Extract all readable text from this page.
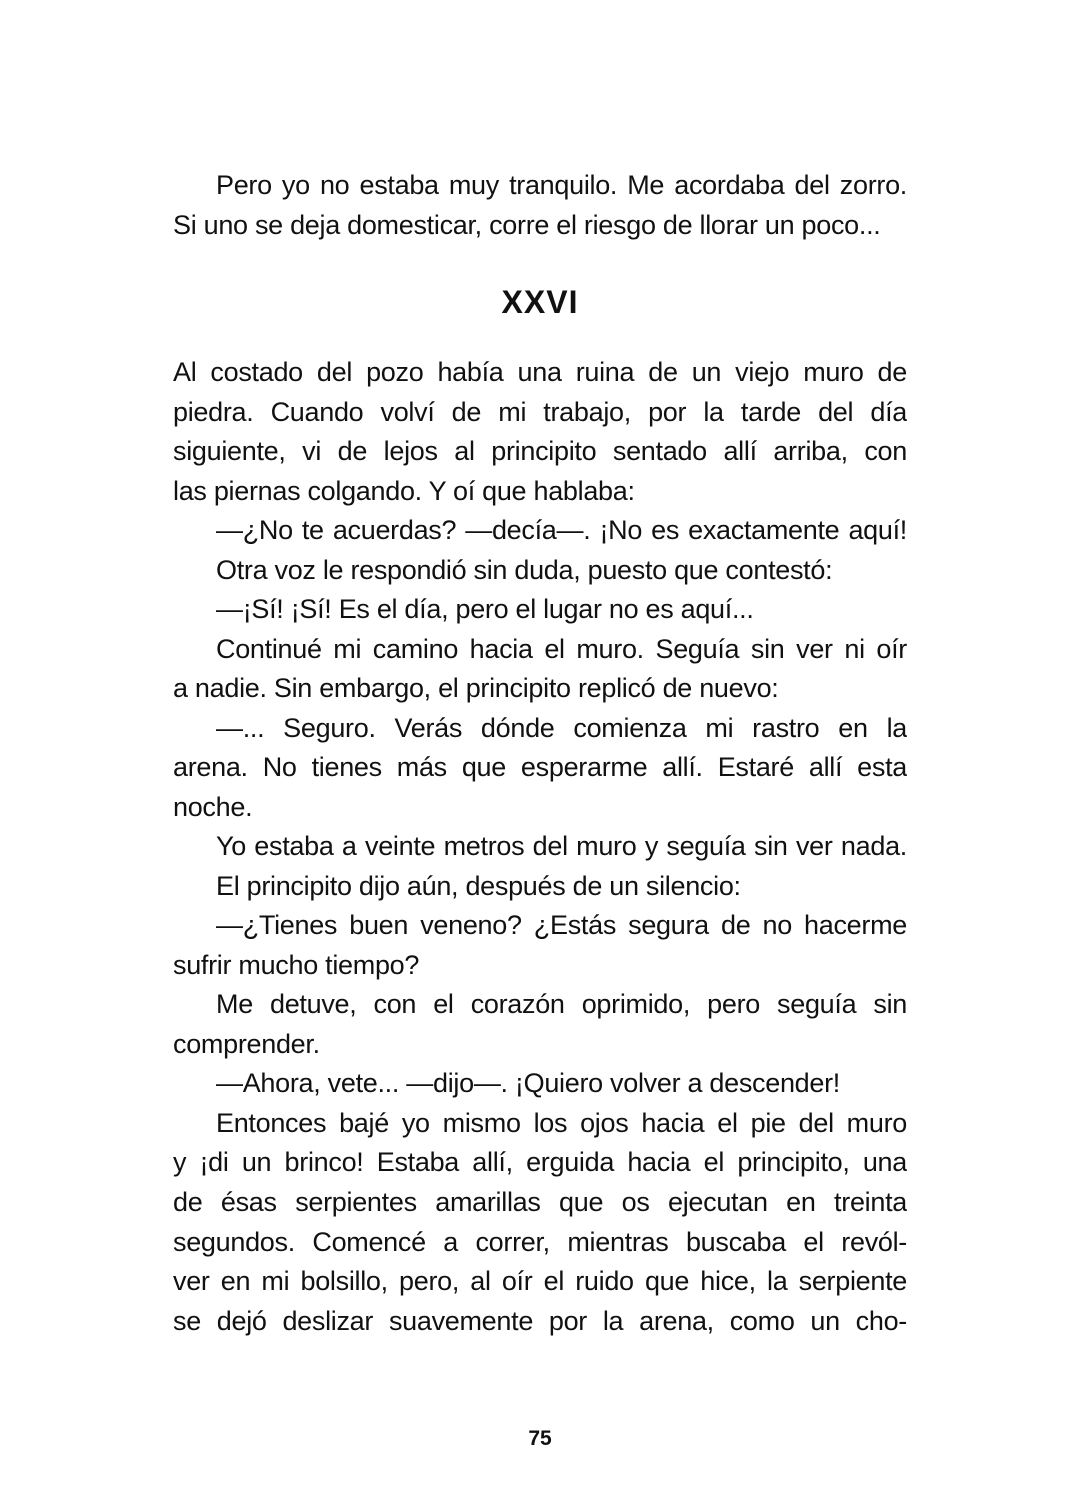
Pero yo no estaba muy tranquilo. Me acordaba del zorro.
Si uno se deja domesticar, corre el riesgo de llorar un poco...
XXVI
Al costado del pozo había una ruina de un viejo muro de
piedra. Cuando volví de mi trabajo, por la tarde del día
siguiente, vi de lejos al principito sentado allí arriba, con
las piernas colgando. Y oí que hablaba:
—¿No te acuerdas? —decía—. ¡No es exactamente aquí!
Otra voz le respondió sin duda, puesto que contestó:
—¡Sí! ¡Sí! Es el día, pero el lugar no es aquí...
Continué mi camino hacia el muro. Seguía sin ver ni oír
a nadie. Sin embargo, el principito replicó de nuevo:
—... Seguro. Verás dónde comienza mi rastro en la
arena. No tienes más que esperarme allí. Estaré allí esta
noche.
Yo estaba a veinte metros del muro y seguía sin ver nada.
El principito dijo aún, después de un silencio:
—¿Tienes buen veneno? ¿Estás segura de no hacerme
sufrir mucho tiempo?
Me detuve, con el corazón oprimido, pero seguía sin
comprender.
—Ahora, vete... —dijo—. ¡Quiero volver a descender!
Entonces bajé yo mismo los ojos hacia el pie del muro
y ¡di un brinco! Estaba allí, erguida hacia el principito, una
de ésas serpientes amarillas que os ejecutan en treinta
segundos. Comencé a correr, mientras buscaba el revól-
ver en mi bolsillo, pero, al oír el ruido que hice, la serpiente
se dejó deslizar suavemente por la arena, como un cho-
75
